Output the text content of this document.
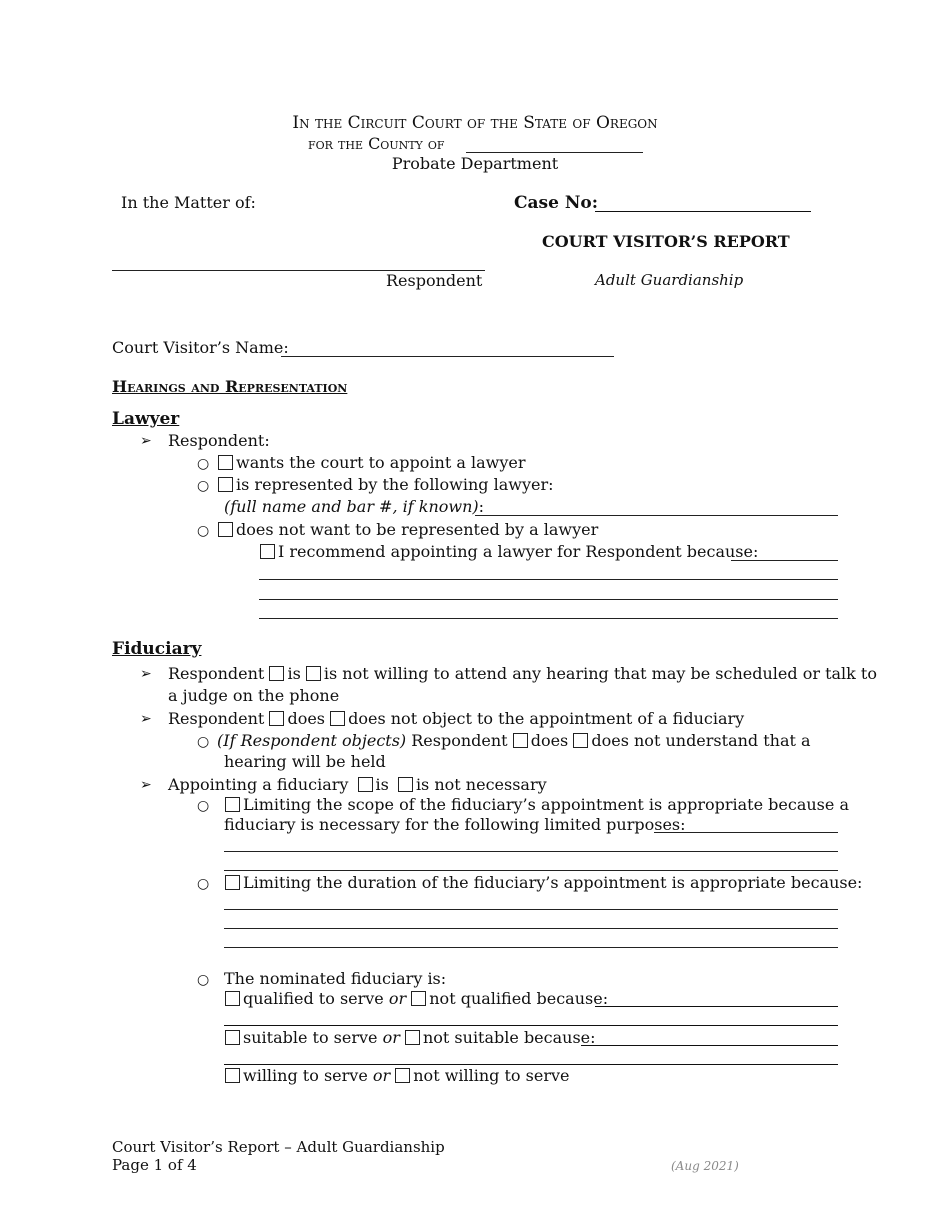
In the Circuit Court of the State of Oregon
for the County of
Probate Department
In the Matter of:	Case No:
COURT VISITOR’S REPORT
Respondent	Adult Guardianship
Court Visitor’s Name:
Hearings and Representation
Lawyer
➢ Respondent:
○	wants the court to appoint a lawyer
○	is represented by the following lawyer:
(full name and bar #, if known):
○	does not want to be represented by a lawyer
I recommend appointing a lawyer for Respondent because:
Fiduciary
➢ Respondent is is not willing to attend any hearing that may be scheduled or talk to
a judge on the phone
➢ Respondent does does not object to the appointment of a fiduciary
○ (If Respondent objects) Respondent does does not understand that a
hearing will be held
➢ Appointing a fiduciary is is not necessary
○	Limiting the scope of the fiduciary’s appointment is appropriate because a
fiduciary is necessary for the following limited purposes:
○	Limiting the duration of the fiduciary’s appointment is appropriate because:
○ The nominated fiduciary is:
qualified to serve or not qualified because:
suitable to serve or not suitable because:
willing to serve or not willing to serve
Court Visitor’s Report – Adult Guardianship
Page 1 of 4	(Aug 2021)
